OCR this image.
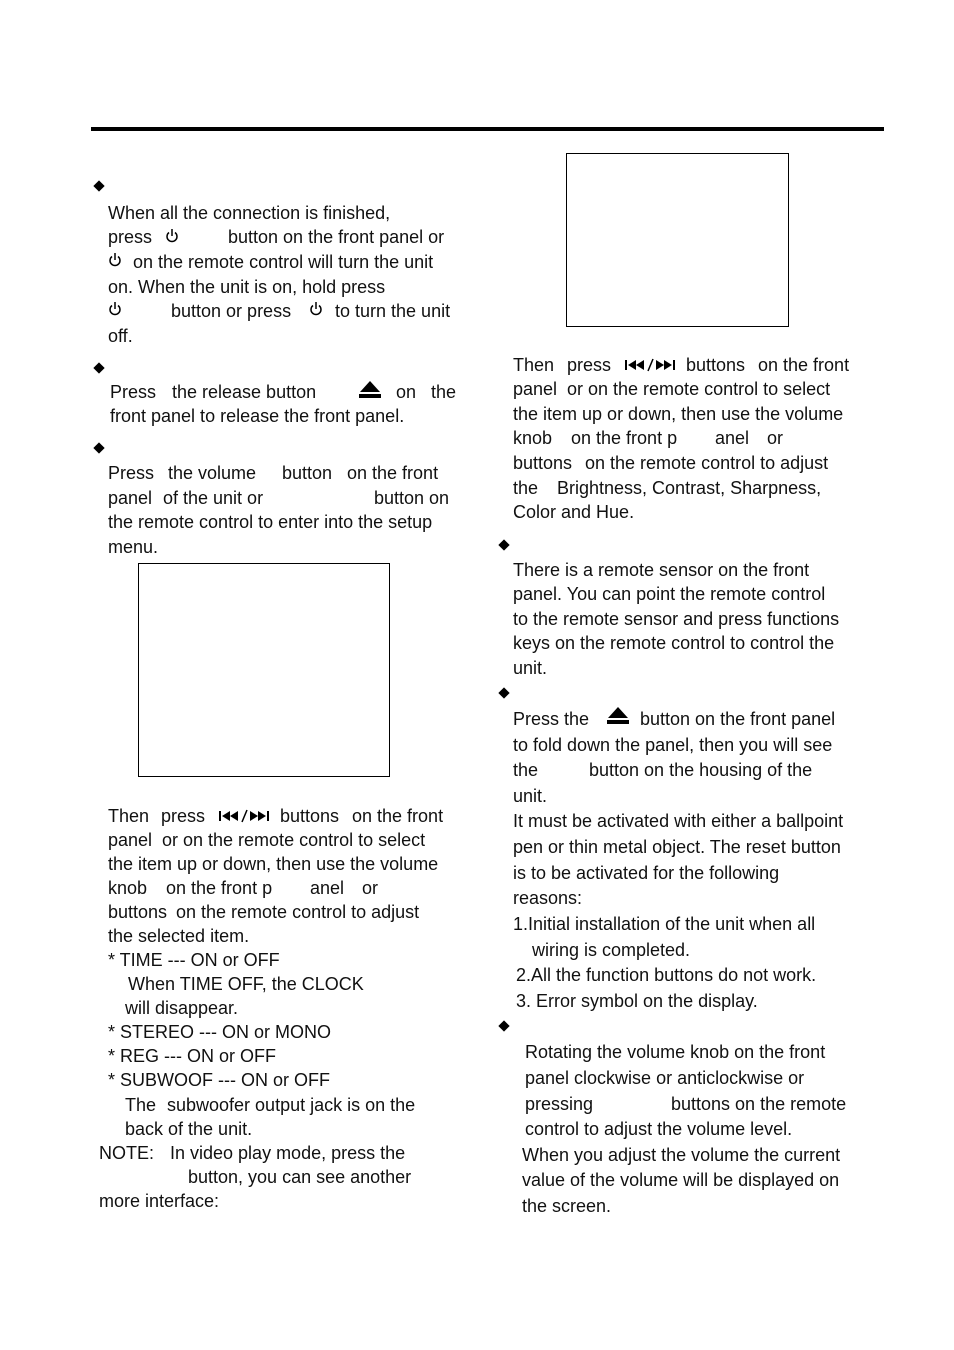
When all the connection is finished,
press	button on the front panel or
on the remote control will turn the unit
on. When the unit is on, hold press
button or press to turn the unit
off.
Press the release button	on the
front panel to release the front panel.
Press the volume button on the front
panel of the unit or	button on
the remote control to enter into the setup
menu.
Then press	buttons on the front
panel or on the remote control to select
the item up or down, then use the volume
knob on the front p anel or
buttons on the remote control to adjust
the selected item.
* TIME --- ON or OFF
When TIME OFF, the CLOCK
will disappear.
* STEREO --- ON or MONO
* REG --- ON or OFF
* SUBWOOF --- ON or OFF
The subwoofer output jack is on the
back of the unit.
NOTE: In video play mode, press the
button, you can see another
more interface:
Then press	buttons on the front
panel or on the remote control to select
the item up or down, then use the volume
knob on the front p anel or
buttons on the remote control to adjust
the Brightness, Contrast, Sharpness,
Color and Hue.
There is a remote sensor on the front
panel. You can point the remote control
to the remote sensor and press functions
keys on the remote control to control the
unit.
Press the	button on the front panel
to fold down the panel, then you will see
the	button on the housing of the
unit.
It must be activated with either a ballpoint
pen or thin metal object. The reset button
is to be activated for the following
reasons:
1.Initial installation of the unit when all
wiring is completed.
2.All the function buttons do not work.
3. Error symbol on the display.
Rotating the volume knob on the front
panel clockwise or anticlockwise or
pressing	buttons on the remote
control to adjust the volume level.
When you adjust the volume the current
value of the volume will be displayed on
the screen.
